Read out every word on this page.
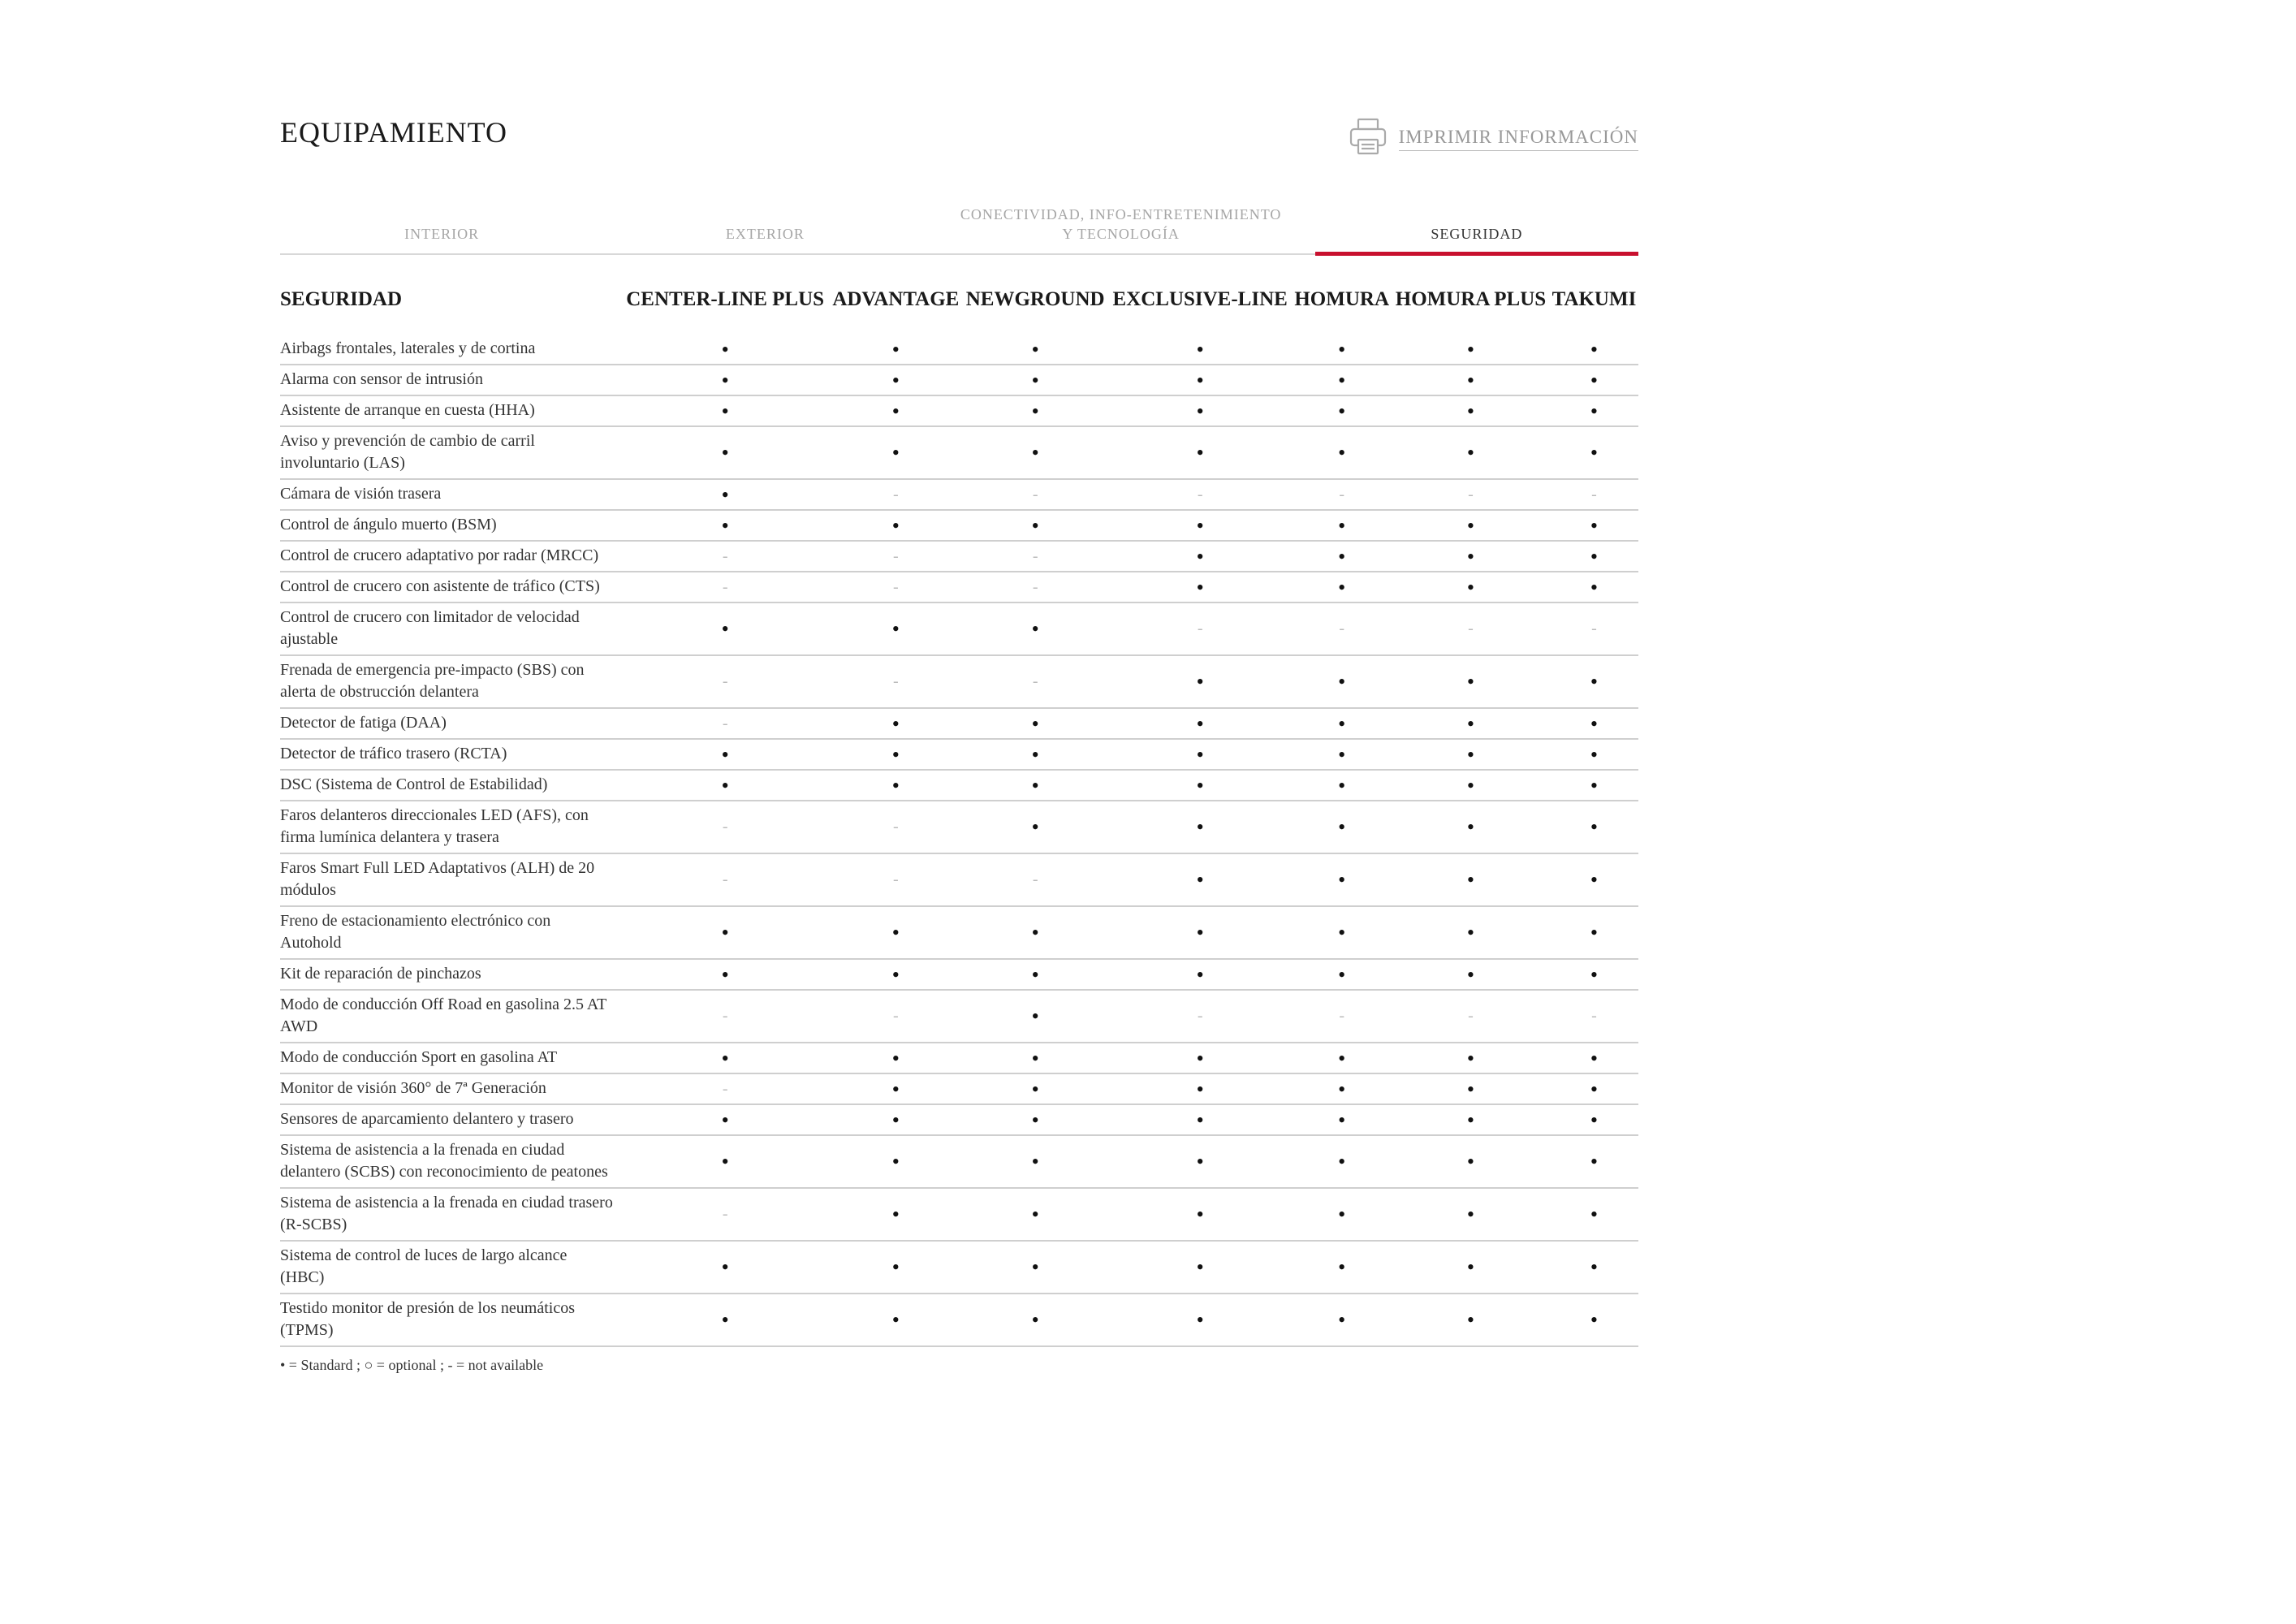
EQUIPAMIENTO	IMPRIMIR INFORMACIÓN
INTERIOR	EXTERIOR
CONECTIVIDAD, INFO-ENTRETENIMIENTO Y TECNOLOGÍA	SEGURIDAD
SEGURIDAD	CENTER-LINE PLUS	ADVANTAGE	NEWGROUND	EXCLUSIVE-LINE	HOMURA	HOMURA PLUS	TAKUMI
Airbags frontales, laterales y de cortina	•	•	•	•	•	•	•
Alarma con sensor de intrusión	•	•	•	•	•	•	•
Asistente de arranque en cuesta (HHA)	•	•	•	•	•	•	•
Aviso y prevención de cambio de carril involuntario (LAS)	•	•	•	•	•	•	•
Cámara de visión trasera	•	-	-	-	-	-	-
Control de ángulo muerto (BSM)	•	•	•	•	•	•	•
Control de crucero adaptativo por radar (MRCC)	-	-	-	•	•	•	•
Control de crucero con asistente de tráfico (CTS)	-	-	-	•	•	•	•
Control de crucero con limitador de velocidad ajustable	•	•	•	-	-	-	-
Frenada de emergencia pre-impacto (SBS) con alerta de obstrucción delantera	-	-	-	•	•	•	•
Detector de fatiga (DAA)	-	•	•	•	•	•	•
Detector de tráfico trasero (RCTA)	•	•	•	•	•	•	•
DSC (Sistema de Control de Estabilidad)	•	•	•	•	•	•	•
Faros delanteros direccionales LED (AFS), con firma lumínica delantera y trasera	-	-	•	•	•	•	•
Faros Smart Full LED Adaptativos (ALH) de 20 módulos	-	-	-	•	•	•	•
Freno de estacionamiento electrónico con Autohold	•	•	•	•	•	•	•
Kit de reparación de pinchazos	•	•	•	•	•	•	•
Modo de conducción Off Road en gasolina 2.5 AT AWD	-	-	•	-	-	-	-
Modo de conducción Sport en gasolina AT	•	•	•	•	•	•	•
Monitor de visión 360° de 7ª Generación	-	•	•	•	•	•	•
Sensores de aparcamiento delantero y trasero	•	•	•	•	•	•	•
Sistema de asistencia a la frenada en ciudad delantero (SCBS) con reconocimiento de peatones	•	•	•	•	•	•	•
Sistema de asistencia a la frenada en ciudad trasero (R-SCBS)	-	•	•	•	•	•	•
Sistema de control de luces de largo alcance (HBC)	•	•	•	•	•	•	•
Testido monitor de presión de los neumáticos (TPMS)	•	•	•	•	•	•	•
• = Standard ; ○ = optional ; - = not available
